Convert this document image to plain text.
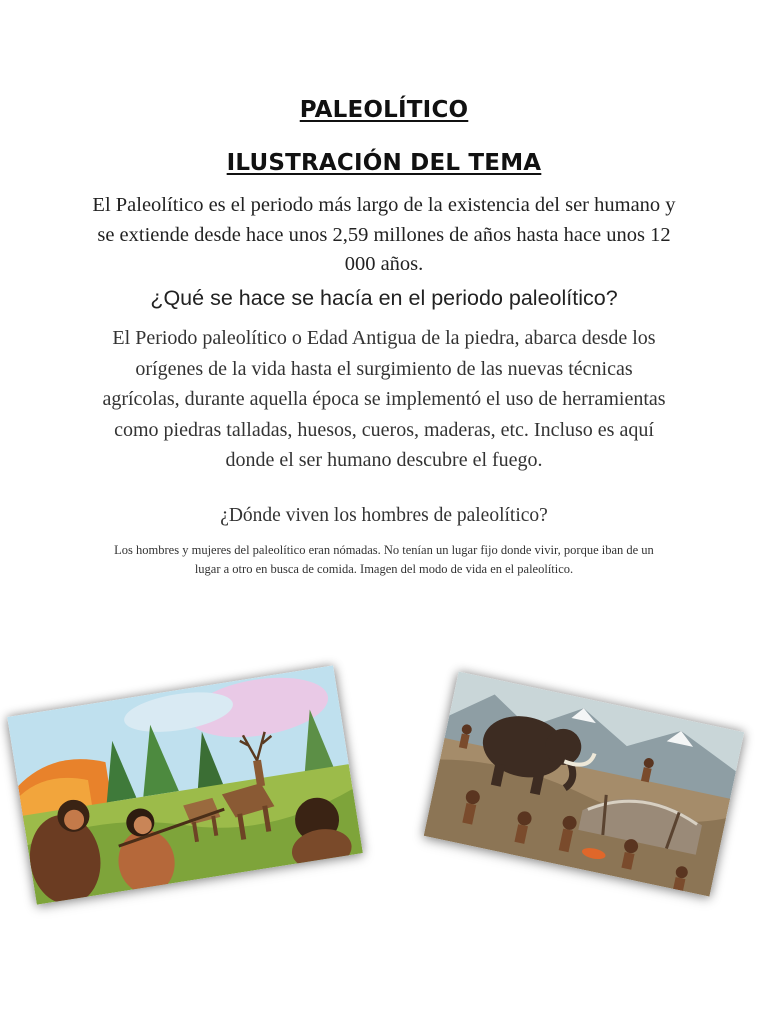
PALEOLÍTICO
ILUSTRACIÓN DEL TEMA

El Paleolítico es el periodo más largo de la existencia del ser humano y se extiende desde hace unos 2,59 millones de años hasta hace unos 12 000 años.

¿Qué se hace se hacía en el periodo paleolítico?

El Periodo paleolítico o Edad Antigua de la piedra, abarca desde los orígenes de la vida hasta el surgimiento de las nuevas técnicas agrícolas, durante aquella época se implementó el uso de herramientas como piedras talladas, huesos, cueros, maderas, etc. Incluso es aquí donde el ser humano descubre el fuego.

¿Dónde viven los hombres de paleolítico?

Los hombres y mujeres del paleolítico eran nómadas. No tenían un lugar fijo donde vivir, porque iban de un lugar a otro en busca de comida. Imagen del modo de vida en el paleolítico.
